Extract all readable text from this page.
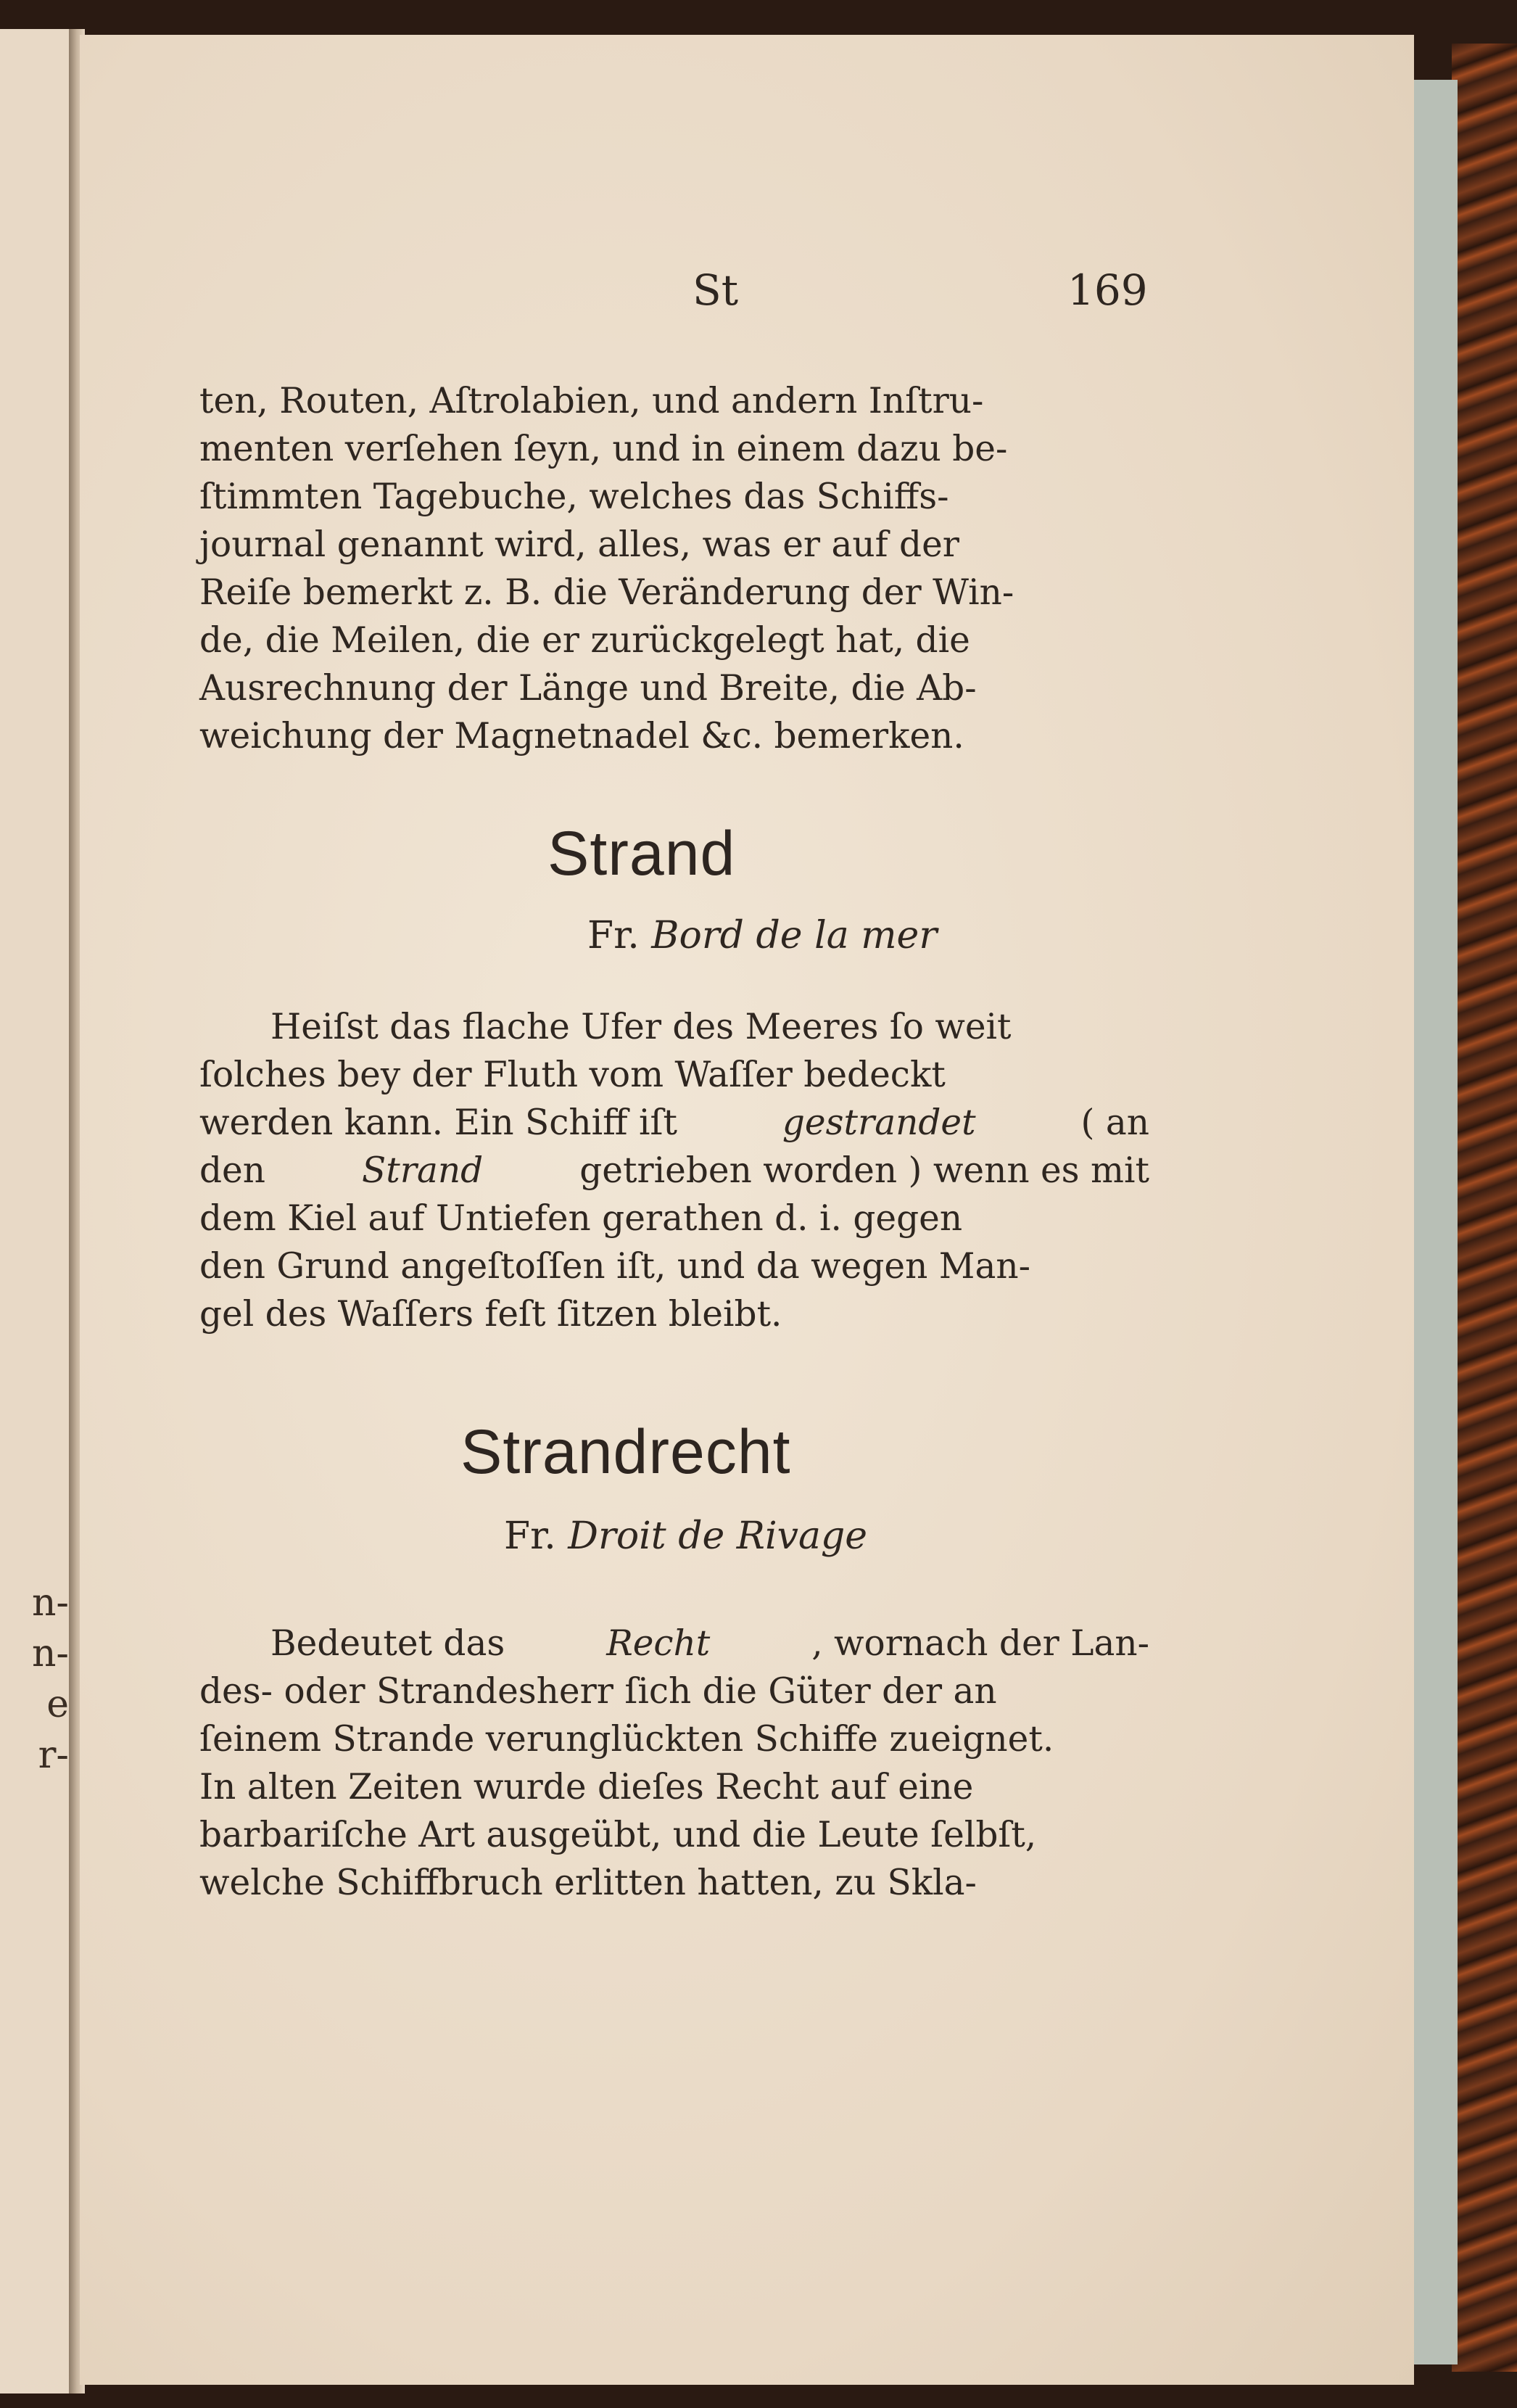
n-
n-
e
r-
St	169
ten, Routen, Aſtrolabien, und andern Inſtru-
menten verſehen ſeyn, und in einem dazu be-
ſtimmten Tagebuche, welches das Schiffs-
journal genannt wird, alles, was er auf der
Reiſe bemerkt z. B. die Veränderung der Win-
de, die Meilen, die er zurückgelegt hat, die
Ausrechnung der Länge und Breite, die Ab-
weichung der Magnetnadel &c. bemerken.
Strand
Fr. Bord de la mer
Heiſst das flache Ufer des Meeres ſo weit
ſolches bey der Fluth vom Waſſer bedeckt
werden kann. Ein Schiff iſt	gestrandet	( an
den	Strand	getrieben worden ) wenn es mit
dem Kiel auf Untiefen gerathen d. i. gegen
den Grund angeſtoſſen iſt, und da wegen Man-
gel des Waſſers feſt ſitzen bleibt.
Strandrecht
Fr. Droit de Rivage
Bedeutet das	Recht	, wornach der Lan-
des- oder Strandesherr ſich die Güter der an
ſeinem Strande verunglückten Schiffe zueignet.
In alten Zeiten wurde dieſes Recht auf eine
barbariſche Art ausgeübt, und die Leute ſelbſt,
welche Schiffbruch erlitten hatten, zu Skla-
